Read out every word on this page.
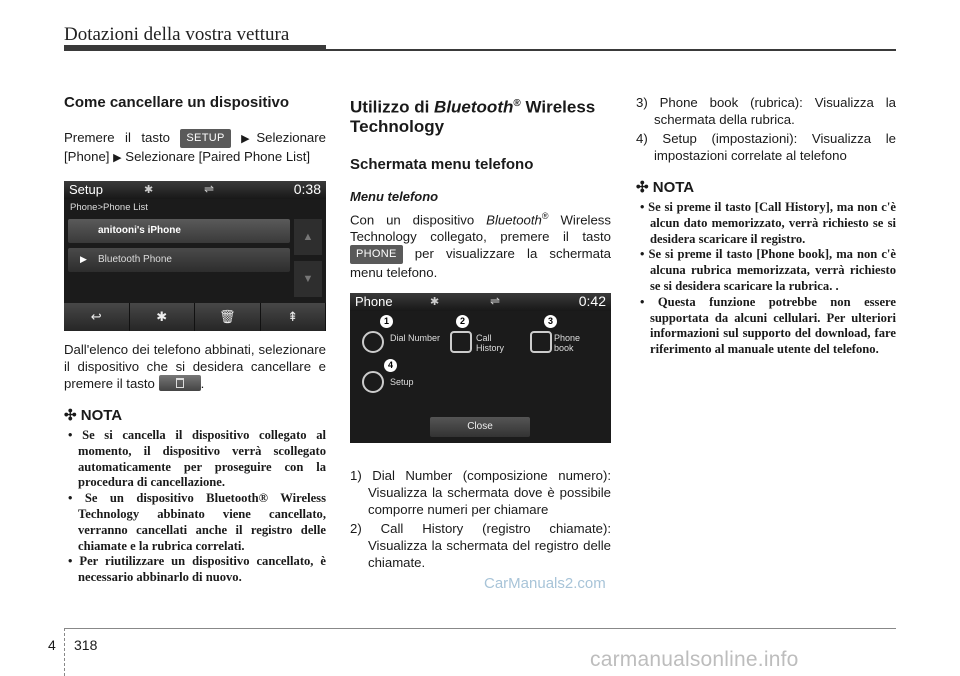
Dotazioni della vostra vettura
Come cancellare un dispositivo
Premere il tasto SETUP ▶Selezionare [Phone] ▶ Selezionare [Paired Phone List]
Setup	✱	⇌	0:38
Phone>Phone List
anitooni's iPhone
▶ Bluetooth Phone
▲
▼
↩	✱	🗑	⇞
Dall'elenco dei telefono abbinati, selezionare il dispositivo che si desidera cancellare e premere il tasto	.
✣ NOTA
• Se si cancella il dispositivo collegato al momento, il dispositivo verrà scollegato automaticamente per proseguire con la procedura di cancellazione.
• Se un dispositivo Bluetooth® Wireless Technology abbinato viene cancellato, verranno cancellati anche il registro delle chiamate e la rubrica correlati.
• Per riutilizzare un dispositivo cancellato, è necessario abbinarlo di nuovo.
Utilizzo di Bluetooth® Wireless Technology
Schermata menu telefono
Menu telefono
Con un dispositivo Bluetooth® Wireless Technology collegato, premere il tasto PHONE per visualizzare la schermata menu telefono.
Phone	✱	⇌	0:42
1	2	3
4
Dial Number	Call History
Phone book
Setup
Close
1) Dial Number (composizione numero): Visualizza la schermata dove è possibile comporre numeri per chiamare
2) Call History (registro chiamate): Visualizza la schermata del registro delle chiamate.
3) Phone book (rubrica): Visualizza la schermata della rubrica.
4) Setup (impostazioni): Visualizza le impostazioni correlate al telefono
✣ NOTA
• Se si preme il tasto [Call History], ma non c'è alcun dato memorizzato, verrà richiesto se si desidera scaricare il registro.
• Se si preme il tasto [Phone book], ma non c'è alcuna rubrica memorizzata, verrà richiesto se si desidera scaricare la rubrica. .
• Questa funzione potrebbe non essere supportata da alcuni cellulari. Per ulteriori informazioni sul supporto del download, fare riferimento al manuale utente del telefono.
CarManuals2.com
4 318
carmanualsonline.info
